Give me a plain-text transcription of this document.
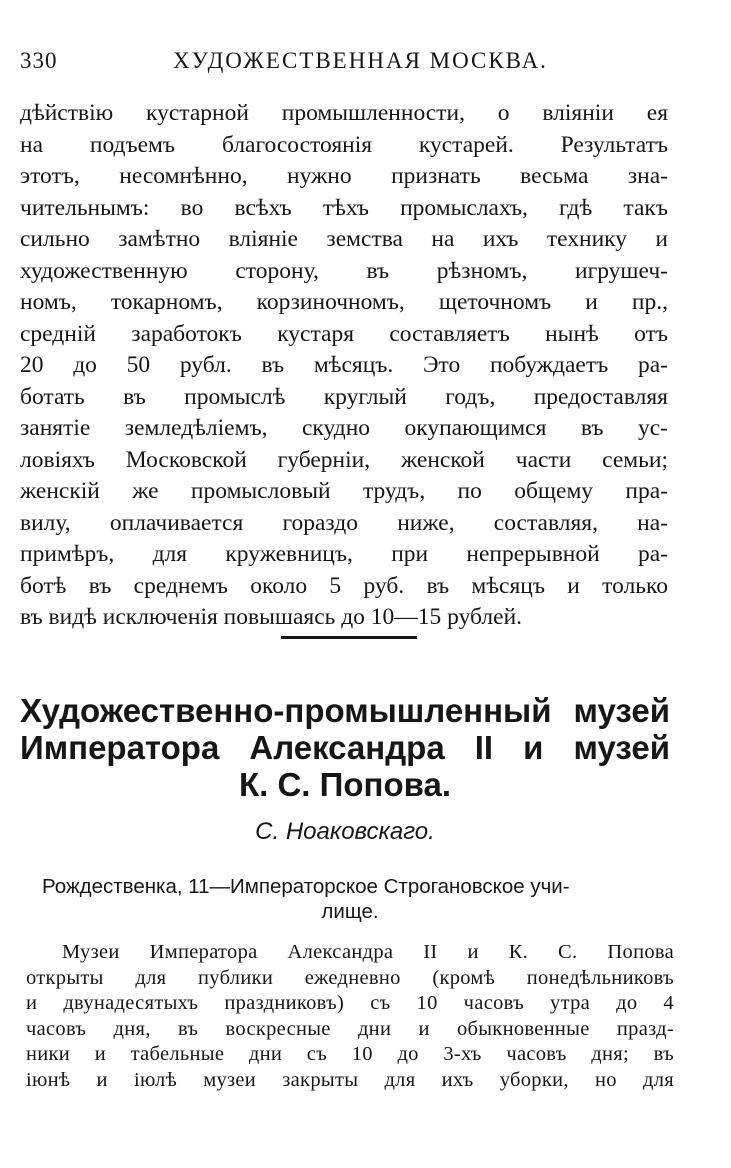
330	ХУДОЖЕСТВЕННАЯ МОСКВА.
дѣйствію кустарной промышленности, о вліяніи ея
на подъемъ благосостоянія кустарей. Результатъ
этотъ, несомнѣнно, нужно признать весьма зна-
чительнымъ: во всѣхъ тѣхъ промыслахъ, гдѣ такъ
сильно замѣтно вліяніе земства на ихъ технику и
художественную сторону, въ рѣзномъ, игрушеч-
номъ, токарномъ, корзиночномъ, щеточномъ и пр.,
средній заработокъ кустаря составляетъ нынѣ отъ
20 до 50 рубл. въ мѣсяцъ. Это побуждаетъ ра-
ботать въ промыслѣ круглый годъ, предоставляя
занятіе земледѣліемъ, скудно окупающимся въ ус-
ловіяхъ Московской губерніи, женской части семьи;
женскій же промысловый трудъ, по общему пра-
вилу, оплачивается гораздо ниже, составляя, на-
примѣръ, для кружевницъ, при непрерывной ра-
ботѣ въ среднемъ около 5 руб. въ мѣсяцъ и только
въ видѣ исключенія повышаясь до 10—15 рублей.
Художественно-промышленный музей
Императора Александра II и музей
К. С. Попова.
С. Ноаковскаго.
Рождественка, 11—Императорское Строгановское учи-
лище.
Музеи Императора Александра II и К. С. Попова
открыты для публики ежедневно (кромѣ понедѣльниковъ
и двунадесятыхъ праздниковъ) съ 10 часовъ утра до 4
часовъ дня, въ воскресные дни и обыкновенные празд-
ники и табельные дни съ 10 до 3-хъ часовъ дня; въ
іюнѣ и іюлѣ музеи закрыты для ихъ уборки, но для
